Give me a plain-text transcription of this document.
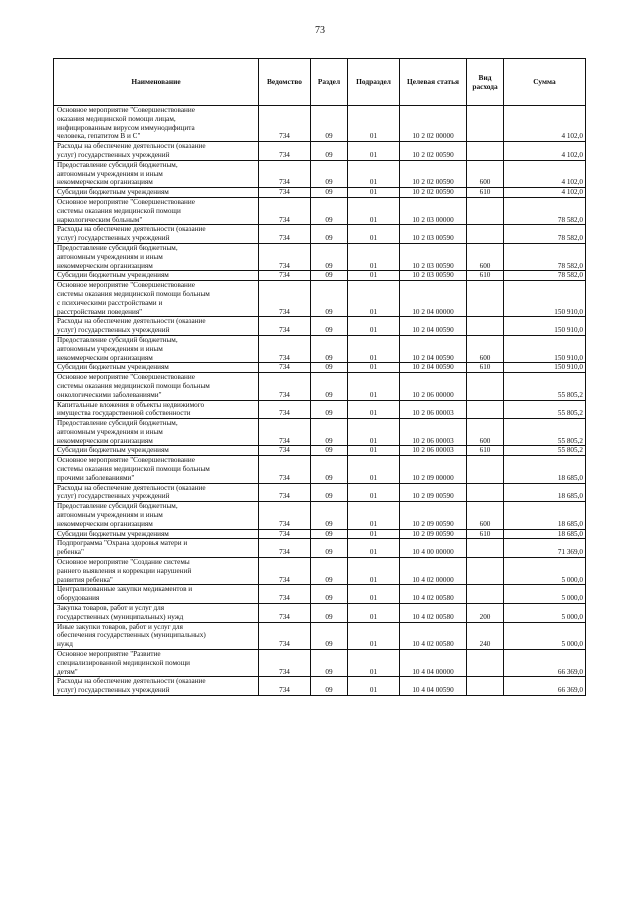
73
Наименование	Ведомство	Раздел	Подраздел	Целевая статья	Вид расхода	Сумма

Основное мероприятие "Совершенствование
оказания медицинской помощи лицам,
инфицированным вирусом иммунодифицита
человека, гепатитом В и С"	734	09	01	10 2 02 00000		4 102,0

Расходы на обеспечение деятельности (оказание
услуг) государственных учреждений	734	09	01	10 2 02 00590		4 102,0

Предоставление субсидий бюджетным,
автономным учреждениям и иным
некоммерческим организациям	734	09	01	10 2 02 00590	600	4 102,0

Субсидии бюджетным учреждениям	734	09	01	10 2 02 00590	610	4 102,0

Основное мероприятие "Совершенствование
системы оказания медицинской помощи
наркологическим больным"	734	09	01	10 2 03 00000		78 582,0

Расходы на обеспечение деятельности (оказание
услуг) государственных учреждений	734	09	01	10 2 03 00590		78 582,0

Предоставление субсидий бюджетным,
автономным учреждениям и иным
некоммерческим организациям	734	09	01	10 2 03 00590	600	78 582,0

Субсидии бюджетным учреждениям	734	09	01	10 2 03 00590	610	78 582,0

Основное мероприятие "Совершенствование
системы оказания медицинской помощи больным
с психическими расстройствами и
расстройствами поведения"	734	09	01	10 2 04 00000		150 910,0

Расходы на обеспечение деятельности (оказание
услуг) государственных учреждений	734	09	01	10 2 04 00590		150 910,0

Предоставление субсидий бюджетным,
автономным учреждениям и иным
некоммерческим организациям	734	09	01	10 2 04 00590	600	150 910,0

Субсидии бюджетным учреждениям	734	09	01	10 2 04 00590	610	150 910,0

Основное мероприятие "Совершенствование
системы оказания медицинской помощи больным
онкологическими заболеваниями"	734	09	01	10 2 06 00000		55 805,2

Капитальные вложения в объекты недвижимого
имущества государственной собственности	734	09	01	10 2 06 00003		55 805,2

Предоставление субсидий бюджетным,
автономным учреждениям и иным
некоммерческим организациям	734	09	01	10 2 06 00003	600	55 805,2

Субсидии бюджетным учреждениям	734	09	01	10 2 06 00003	610	55 805,2

Основное мероприятие "Совершенствование
системы оказания медицинской помощи больным
прочими заболеваниями"	734	09	01	10 2 09 00000		18 685,0

Расходы на обеспечение деятельности (оказание
услуг) государственных учреждений	734	09	01	10 2 09 00590		18 685,0

Предоставление субсидий бюджетным,
автономным учреждениям и иным
некоммерческим организациям	734	09	01	10 2 09 00590	600	18 685,0

Субсидии бюджетным учреждениям	734	09	01	10 2 09 00590	610	18 685,0

Подпрограмма "Охрана здоровья матери и
ребенка"	734	09	01	10 4 00 00000		71 369,0

Основное мероприятие "Создание системы
раннего выявления и коррекции нарушений
развития ребенка"	734	09	01	10 4 02 00000		5 000,0

Централизованные закупки медикаментов и
оборудования	734	09	01	10 4 02 00580		5 000,0

Закупка товаров, работ и услуг для
государственных (муниципальных) нужд	734	09	01	10 4 02 00580	200	5 000,0

Иные закупки товаров, работ и услуг для
обеспечения государственных (муниципальных)
нужд	734	09	01	10 4 02 00580	240	5 000,0

Основное мероприятие "Развитие
специализированной медицинской помощи
детям"	734	09	01	10 4 04 00000		66 369,0

Расходы на обеспечение деятельности (оказание
услуг) государственных учреждений	734	09	01	10 4 04 00590		66 369,0
